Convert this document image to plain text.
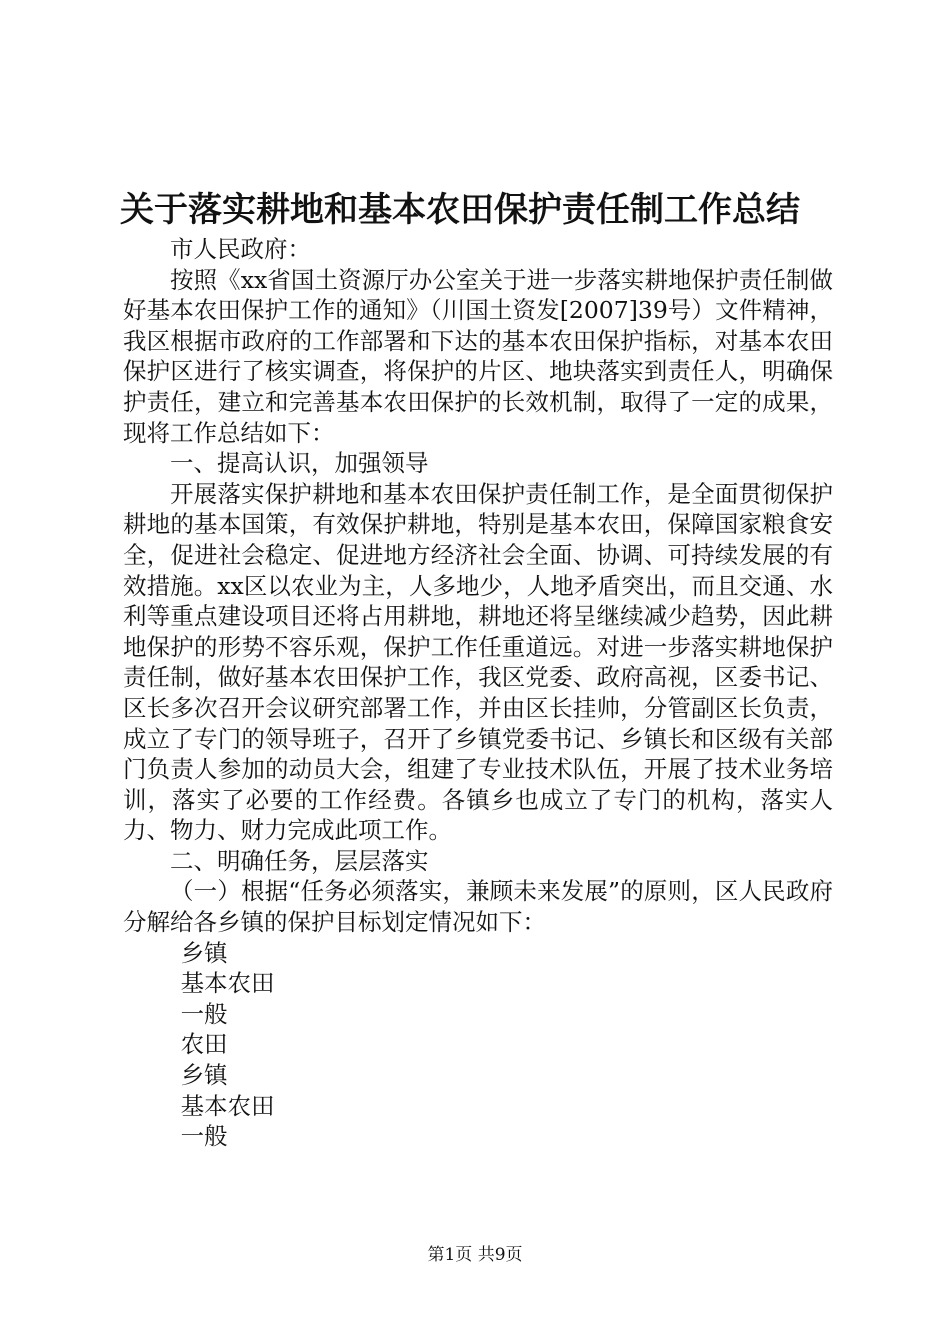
关于落实耕地和基本农田保护责任制工作总结

市人民政府：

按照《xx省国土资源厅办公室关于进一步落实耕地保护责任制做好基本农田保护工作的通知》（川国土资发[2007]39号）文件精神，我区根据市政府的工作部署和下达的基本农田保护指标，对基本农田保护区进行了核实调查，将保护的片区、地块落实到责任人，明确保护责任，建立和完善基本农田保护的长效机制，取得了一定的成果，现将工作总结如下：

一、提高认识，加强领导

开展落实保护耕地和基本农田保护责任制工作，是全面贯彻保护耕地的基本国策，有效保护耕地，特别是基本农田，保障国家粮食安全，促进社会稳定、促进地方经济社会全面、协调、可持续发展的有效措施。xx区以农业为主，人多地少，人地矛盾突出，而且交通、水利等重点建设项目还将占用耕地，耕地还将呈继续减少趋势，因此耕地保护的形势不容乐观，保护工作任重道远。对进一步落实耕地保护责任制，做好基本农田保护工作，我区党委、政府高视，区委书记、区长多次召开会议研究部署工作，并由区长挂帅，分管副区长负责，成立了专门的领导班子，召开了乡镇党委书记、乡镇长和区级有关部门负责人参加的动员大会，组建了专业技术队伍，开展了技术业务培训，落实了必要的工作经费。各镇乡也成立了专门的机构，落实人力、物力、财力完成此项工作。

二、明确任务，层层落实

（一）根据“任务必须落实，兼顾未来发展”的原则，区人民政府分解给各乡镇的保护目标划定情况如下：

乡镇

基本农田

一般

农田

乡镇

基本农田

一般

第1页 共9页
